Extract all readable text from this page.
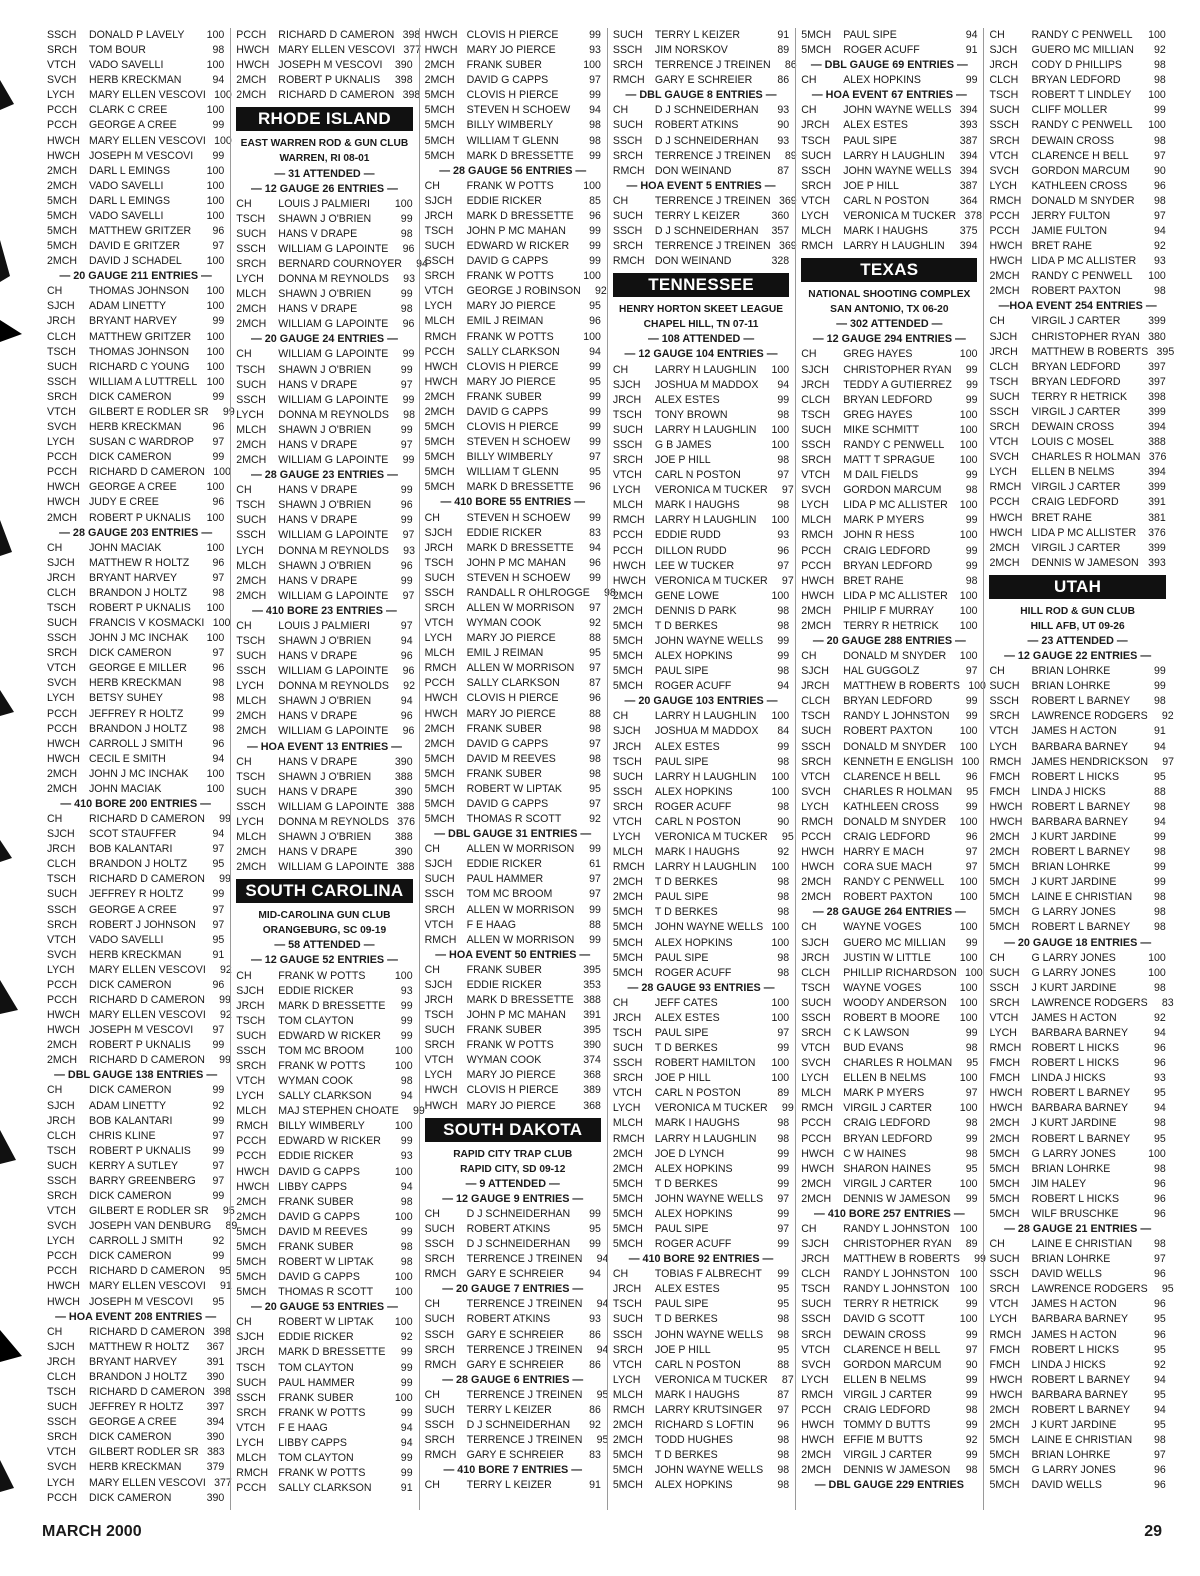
SSCH	DONALD P LAVELY	100
SRCH	TOM BOUR	98
VTCH	VADO SAVELLI	100
SVCH	HERB KRECKMAN	94
LYCH	MARY ELLEN VESCOVI 100
PCCH	CLARK C CREE	100
PCCH	GEORGE A CREE	99
HWCH MARY ELLEN VESCOVI 100
HWCH JOSEPH M VESCOVI	99
2MCH	DARL L EMINGS	100
2MCH	VADO SAVELLI	100
5MCH	DARL L EMINGS	100
5MCH	VADO SAVELLI	100
5MCH	MATTHEW GRITZER	96
5MCH	DAVID E GRITZER	97
2MCH	DAVID J SCHADEL	100
— 20 GAUGE 211 ENTRIES —
CH	THOMAS JOHNSON	100
SJCH	ADAM LINETTY	100
JRCH	BRYANT HARVEY	99
CLCH	MATTHEW GRITZER	100
TSCH	THOMAS JOHNSON	100
SUCH	RICHARD C YOUNG	100
SSCH	WILLIAM A LUTTRELL 100
SRCH	DICK CAMERON	99
VTCH	GILBERT E RODLER SR	99
SVCH	HERB KRECKMAN	96
LYCH	SUSAN C WARDROP	97
PCCH	DICK CAMERON	99
PCCH	RICHARD D CAMERON 100
HWCH GEORGE A CREE	100
HWCH JUDY E CREE	96
2MCH	ROBERT P UKNALIS	100
— 28 GAUGE 203 ENTRIES —
CH	JOHN MACIAK	100
SJCH	MATTHEW R HOLTZ	96
JRCH	BRYANT HARVEY	97
CLCH	BRANDON J HOLTZ	98
TSCH	ROBERT P UKNALIS	100
SUCH	FRANCIS V KOSMACKI 100
SSCH	JOHN J MC INCHAK	100
SRCH	DICK CAMERON	97
VTCH	GEORGE E MILLER	96
SVCH	HERB KRECKMAN	98
LYCH	BETSY SUHEY	98
PCCH	JEFFREY R HOLTZ	99
PCCH	BRANDON J HOLTZ	98
HWCH CARROLL J SMITH	96
HWCH CECIL E SMITH	94
2MCH	JOHN J MC INCHAK	100
2MCH	JOHN MACIAK	100
— 410 BORE 200 ENTRIES —
CH	RICHARD D CAMERON	99
SJCH	SCOT STAUFFER	94
JRCH	BOB KALANTARI	97
CLCH	BRANDON J HOLTZ	95
TSCH	RICHARD D CAMERON	99
SUCH	JEFFREY R HOLTZ	99
SSCH	GEORGE A CREE	97
SRCH	ROBERT J JOHNSON	97
VTCH	VADO SAVELLI	95
SVCH	HERB KRECKMAN	91
LYCH	MARY ELLEN VESCOVI	92
PCCH	DICK CAMERON	96
PCCH	RICHARD D CAMERON	99
HWCH MARY ELLEN VESCOVI	92
HWCH JOSEPH M VESCOVI	97
2MCH	ROBERT P UKNALIS	99
2MCH	RICHARD D CAMERON	99
— DBL GAUGE 138 ENTRIES —
CH	DICK CAMERON	99
SJCH	ADAM LINETTY	92
JRCH	BOB KALANTARI	99
CLCH	CHRIS KLINE	97
TSCH	ROBERT P UKNALIS	99
SUCH	KERRY A SUTLEY	97
SSCH	BARRY GREENBERG	97
SRCH	DICK CAMERON	99
VTCH	GILBERT E RODLER SR	95
SVCH	JOSEPH VAN DENBURG	89
LYCH	CARROLL J SMITH	92
PCCH	DICK CAMERON	99
PCCH	RICHARD D CAMERON	95
HWCH MARY ELLEN VESCOVI	91
HWCH JOSEPH M VESCOVI	95
— HOA EVENT 208 ENTRIES —
CH	RICHARD D CAMERON 398
SJCH	MATTHEW R HOLTZ	367
JRCH	BRYANT HARVEY	391
CLCH	BRANDON J HOLTZ	390
TSCH	RICHARD D CAMERON 398
SUCH	JEFFREY R HOLTZ	397
SSCH	GEORGE A CREE	394
SRCH	DICK CAMERON	390
VTCH	GILBERT RODLER SR 383
SVCH	HERB KRECKMAN	379
LYCH	MARY ELLEN VESCOVI 377
PCCH	DICK CAMERON	390
PCCH	RICHARD D CAMERON 398
HWCH MARY ELLEN VESCOVI 377
HWCH JOSEPH M VESCOVI	390
2MCH	ROBERT P UKNALIS	398
2MCH	RICHARD D CAMERON 398
RHODE ISLAND
EAST WARREN ROD & GUN CLUB
WARREN, RI 08-01
— 31 ATTENDED —
— 12 GAUGE 26 ENTRIES —
CH	LOUIS J PALMIERI	100
TSCH	SHAWN J O'BRIEN	99
SUCH	HANS V DRAPE	98
SSCH	WILLIAM G LAPOINTE	96
SRCH	BERNARD COURNOYER	94
LYCH	DONNA M REYNOLDS	93
MLCH	SHAWN J O'BRIEN	99
2MCH	HANS V DRAPE	98
2MCH	WILLIAM G LAPOINTE	96
— 20 GAUGE 24 ENTRIES —
CH	WILLIAM G LAPOINTE	99
TSCH	SHAWN J O'BRIEN	99
SUCH	HANS V DRAPE	97
SSCH	WILLIAM G LAPOINTE	99
LYCH	DONNA M REYNOLDS	98
MLCH	SHAWN J O'BRIEN	99
2MCH	HANS V DRAPE	97
2MCH	WILLIAM G LAPOINTE	99
— 28 GAUGE 23 ENTRIES —
CH	HANS V DRAPE	99
TSCH	SHAWN J O'BRIEN	96
SUCH	HANS V DRAPE	99
SSCH	WILLIAM G LAPOINTE	97
LYCH	DONNA M REYNOLDS	93
MLCH	SHAWN J O'BRIEN	96
2MCH	HANS V DRAPE	99
2MCH	WILLIAM G LAPOINTE	97
— 410 BORE 23 ENTRIES —
CH	LOUIS J PALMIERI	97
TSCH	SHAWN J O'BRIEN	94
SUCH	HANS V DRAPE	96
SSCH	WILLIAM G LAPOINTE	96
LYCH	DONNA M REYNOLDS	92
MLCH	SHAWN J O'BRIEN	94
2MCH	HANS V DRAPE	96
2MCH	WILLIAM G LAPOINTE	96
— HOA EVENT 13 ENTRIES —
CH	HANS V DRAPE	390
TSCH	SHAWN J O'BRIEN	388
SUCH	HANS V DRAPE	390
SSCH	WILLIAM G LAPOINTE 388
LYCH	DONNA M REYNOLDS 376
MLCH	SHAWN J O'BRIEN	388
2MCH	HANS V DRAPE	390
2MCH	WILLIAM G LAPOINTE 388
SOUTH CAROLINA
MID-CAROLINA GUN CLUB
ORANGEBURG, SC 09-19
— 58 ATTENDED —
— 12 GAUGE 52 ENTRIES —
CH	FRANK W POTTS	100
SJCH	EDDIE RICKER	93
JRCH	MARK D BRESSETTE	99
TSCH	TOM CLAYTON	99
SUCH	EDWARD W RICKER	99
SSCH	TOM MC BROOM	100
SRCH	FRANK W POTTS	100
VTCH	WYMAN COOK	98
LYCH	SALLY CLARKSON	94
MLCH	MAJ STEPHEN CHOATE	99
RMCH BILLY WIMBERLY	100
PCCH	EDWARD W RICKER	99
PCCH	EDDIE RICKER	93
HWCH DAVID G CAPPS	100
HWCH LIBBY CAPPS	94
2MCH	FRANK SUBER	98
2MCH	DAVID G CAPPS	100
5MCH	DAVID M REEVES	99
5MCH	FRANK SUBER	98
5MCH	ROBERT W LIPTAK	98
5MCH	DAVID G CAPPS	100
5MCH	THOMAS R SCOTT	100
— 20 GAUGE 53 ENTRIES —
CH	ROBERT W LIPTAK	100
SJCH	EDDIE RICKER	92
JRCH	MARK D BRESSETTE	99
TSCH	TOM CLAYTON	99
SUCH	PAUL HAMMER	99
SSCH	FRANK SUBER	100
SRCH	FRANK W POTTS	99
VTCH	F E HAAG	94
LYCH	LIBBY CAPPS	94
MLCH	TOM CLAYTON	99
RMCH FRANK W POTTS	99
PCCH	SALLY CLARKSON	91
HWCH CLOVIS H PIERCE	99
HWCH MARY JO PIERCE	93
2MCH	FRANK SUBER	100
2MCH	DAVID G CAPPS	97
5MCH	CLOVIS H PIERCE	99
5MCH	STEVEN H SCHOEW	94
5MCH	BILLY WIMBERLY	98
5MCH	WILLIAM T GLENN	98
5MCH	MARK D BRESSETTE	99
— 28 GAUGE 56 ENTRIES —
CH	FRANK W POTTS	100
SJCH	EDDIE RICKER	85
JRCH	MARK D BRESSETTE	96
TSCH	JOHN P MC MAHAN	99
SUCH	EDWARD W RICKER	99
SSCH	DAVID G CAPPS	99
SRCH	FRANK W POTTS	100
VTCH	GEORGE J ROBINSON	92
LYCH	MARY JO PIERCE	95
MLCH	EMIL J REIMAN	96
RMCH FRANK W POTTS	100
PCCH	SALLY CLARKSON	94
HWCH CLOVIS H PIERCE	99
HWCH MARY JO PIERCE	95
2MCH	FRANK SUBER	99
2MCH	DAVID G CAPPS	99
5MCH	CLOVIS H PIERCE	99
5MCH	STEVEN H SCHOEW	99
5MCH	BILLY WIMBERLY	97
5MCH	WILLIAM T GLENN	95
5MCH	MARK D BRESSETTE	96
— 410 BORE 55 ENTRIES —
CH	STEVEN H SCHOEW	99
SJCH	EDDIE RICKER	83
JRCH	MARK D BRESSETTE	94
TSCH	JOHN P MC MAHAN	96
SUCH	STEVEN H SCHOEW	99
SSCH	RANDALL R OHLROGGE	98
SRCH	ALLEN W MORRISON	97
VTCH	WYMAN COOK	92
LYCH	MARY JO PIERCE	88
MLCH	EMIL J REIMAN	95
RMCH ALLEN W MORRISON	97
PCCH	SALLY CLARKSON	87
HWCH CLOVIS H PIERCE	96
HWCH MARY JO PIERCE	88
2MCH	FRANK SUBER	98
2MCH	DAVID G CAPPS	97
5MCH	DAVID M REEVES	98
5MCH	FRANK SUBER	98
5MCH	ROBERT W LIPTAK	95
5MCH	DAVID G CAPPS	97
5MCH	THOMAS R SCOTT	92
— DBL GAUGE 31 ENTRIES —
CH	ALLEN W MORRISON	99
SJCH	EDDIE RICKER	61
SUCH	PAUL HAMMER	97
SSCH	TOM MC BROOM	97
SRCH	ALLEN W MORRISON	99
VTCH	F E HAAG	88
RMCH ALLEN W MORRISON	99
— HOA EVENT 50 ENTRIES —
CH	FRANK SUBER	395
SJCH	EDDIE RICKER	353
JRCH	MARK D BRESSETTE 388
TSCH	JOHN P MC MAHAN	391
SUCH	FRANK SUBER	395
SRCH	FRANK W POTTS	390
VTCH	WYMAN COOK	374
LYCH	MARY JO PIERCE	368
HWCH CLOVIS H PIERCE	389
HWCH MARY JO PIERCE	368
SOUTH DAKOTA
RAPID CITY TRAP CLUB
RAPID CITY, SD 09-12
— 9 ATTENDED —
— 12 GAUGE 9 ENTRIES —
CH	D J SCHNEIDERHAN	99
SUCH	ROBERT ATKINS	95
SSCH	D J SCHNEIDERHAN	99
SRCH	TERRENCE J TREINEN	94
RMCH GARY E SCHREIER	94
— 20 GAUGE 7 ENTRIES —
CH	TERRENCE J TREINEN	94
SUCH	ROBERT ATKINS	93
SSCH	GARY E SCHREIER	86
SRCH	TERRENCE J TREINEN	94
RMCH GARY E SCHREIER	86
— 28 GAUGE 6 ENTRIES —
CH	TERRENCE J TREINEN	95
SUCH	TERRY L KEIZER	86
SSCH	D J SCHNEIDERHAN	92
SRCH	TERRENCE J TREINEN	95
RMCH GARY E SCHREIER	83
— 410 BORE 7 ENTRIES —
CH	TERRY L KEIZER	91
SUCH	TERRY L KEIZER	91
SSCH	JIM NORSKOV	89
SRCH	TERRENCE J TREINEN	86
RMCH GARY E SCHREIER	86
— DBL GAUGE 8 ENTRIES —
CH	D J SCHNEIDERHAN	93
SUCH	ROBERT ATKINS	90
SSCH	D J SCHNEIDERHAN	93
SRCH	TERRENCE J TREINEN	89
RMCH DON WEINAND	87
— HOA EVENT 5 ENTRIES —
CH	TERRENCE J TREINEN 369
SUCH	TERRY L KEIZER	360
SSCH	D J SCHNEIDERHAN	357
SRCH	TERRENCE J TREINEN 369
RMCH DON WEINAND	328
TENNESSEE
HENRY HORTON SKEET LEAGUE
CHAPEL HILL, TN 07-11
— 108 ATTENDED —
— 12 GAUGE 104 ENTRIES —
CH	LARRY H LAUGHLIN	100
SJCH	JOSHUA M MADDOX	94
JRCH	ALEX ESTES	99
TSCH	TONY BROWN	98
SUCH	LARRY H LAUGHLIN	100
SSCH	G B JAMES	100
SRCH	JOE P HILL	98
VTCH	CARL N POSTON	97
LYCH	VERONICA M TUCKER	97
MLCH	MARK I HAUGHS	98
RMCH LARRY H LAUGHLIN	100
PCCH	EDDIE RUDD	93
PCCH	DILLON RUDD	96
HWCH LEE W TUCKER	97
HWCH VERONICA M TUCKER	97
2MCH	GENE LOWE	100
2MCH	DENNIS D PARK	98
5MCH	T D BERKES	98
5MCH	JOHN WAYNE WELLS	99
5MCH	ALEX HOPKINS	99
5MCH	PAUL SIPE	98
5MCH	ROGER ACUFF	94
— 20 GAUGE 103 ENTRIES —
CH	LARRY H LAUGHLIN	100
SJCH	JOSHUA M MADDOX	84
JRCH	ALEX ESTES	99
TSCH	PAUL SIPE	98
SUCH	LARRY H LAUGHLIN	100
SSCH	ALEX HOPKINS	100
SRCH	ROGER ACUFF	98
VTCH	CARL N POSTON	90
LYCH	VERONICA M TUCKER	95
MLCH	MARK I HAUGHS	92
RMCH LARRY H LAUGHLIN	100
2MCH	T D BERKES	98
2MCH	PAUL SIPE	98
5MCH	T D BERKES	98
5MCH	JOHN WAYNE WELLS 100
5MCH	ALEX HOPKINS	100
5MCH	PAUL SIPE	98
5MCH	ROGER ACUFF	98
— 28 GAUGE 93 ENTRIES —
CH	JEFF CATES	100
JRCH	ALEX ESTES	100
TSCH	PAUL SIPE	97
SUCH	T D BERKES	99
SSCH	ROBERT HAMILTON	100
SRCH	JOE P HILL	100
VTCH	CARL N POSTON	89
LYCH	VERONICA M TUCKER	99
MLCH	MARK I HAUGHS	98
RMCH LARRY H LAUGHLIN	98
2MCH	JOE D LYNCH	99
2MCH	ALEX HOPKINS	99
5MCH	T D BERKES	99
5MCH	JOHN WAYNE WELLS	97
5MCH	ALEX HOPKINS	99
5MCH	PAUL SIPE	97
5MCH	ROGER ACUFF	99
— 410 BORE 92 ENTRIES —
CH	TOBIAS F ALBRECHT	99
JRCH	ALEX ESTES	95
TSCH	PAUL SIPE	95
SUCH	T D BERKES	98
SSCH	JOHN WAYNE WELLS	98
SRCH	JOE P HILL	95
VTCH	CARL N POSTON	88
LYCH	VERONICA M TUCKER	87
MLCH	MARK I HAUGHS	87
RMCH LARRY KRUTSINGER	97
2MCH	RICHARD S LOFTIN	96
2MCH	TODD HUGHES	98
5MCH	T D BERKES	98
5MCH	JOHN WAYNE WELLS	98
5MCH	ALEX HOPKINS	98
5MCH	PAUL SIPE	94
5MCH	ROGER ACUFF	91
— DBL GAUGE 69 ENTRIES —
CH	ALEX HOPKINS	99
— HOA EVENT 67 ENTRIES —
CH	JOHN WAYNE WELLS 394
JRCH	ALEX ESTES	393
TSCH	PAUL SIPE	387
SUCH	LARRY H LAUGHLIN	394
SSCH	JOHN WAYNE WELLS 394
SRCH	JOE P HILL	387
VTCH	CARL N POSTON	364
LYCH	VERONICA M TUCKER 378
MLCH	MARK I HAUGHS	375
RMCH LARRY H LAUGHLIN	394
TEXAS
NATIONAL SHOOTING COMPLEX
SAN ANTONIO, TX 06-20
— 302 ATTENDED —
— 12 GAUGE 294 ENTRIES —
CH	GREG HAYES	100
SJCH	CHRISTOPHER RYAN	99
JRCH	TEDDY A GUTIERREZ	99
CLCH	BRYAN LEDFORD	99
TSCH	GREG HAYES	100
SUCH	MIKE SCHMITT	100
SSCH	RANDY C PENWELL	100
SRCH	MATT T SPRAGUE	100
VTCH	M DAIL FIELDS	99
SVCH	GORDON MARCUM	98
LYCH	LIDA P MC ALLISTER	100
MLCH	MARK P MYERS	99
RMCH JOHN R HESS	100
PCCH	CRAIG LEDFORD	99
PCCH	BRYAN LEDFORD	99
HWCH BRET RAHE	98
HWCH LIDA P MC ALLISTER	100
2MCH	PHILIP F MURRAY	100
2MCH	TERRY R HETRICK	100
— 20 GAUGE 288 ENTRIES —
CH	DONALD M SNYDER	100
SJCH	HAL GUGGOLZ	97
JRCH	MATTHEW B ROBERTS 100
CLCH	BRYAN LEDFORD	99
TSCH	RANDY L JOHNSTON	99
SUCH	ROBERT PAXTON	100
SSCH	DONALD M SNYDER	100
SRCH	KENNETH E ENGLISH 100
VTCH	CLARENCE H BELL	96
SVCH	CHARLES R HOLMAN	95
LYCH	KATHLEEN CROSS	99
RMCH DONALD M SNYDER	100
PCCH	CRAIG LEDFORD	96
HWCH HARRY E MACH	97
HWCH CORA SUE MACH	97
2MCH	RANDY C PENWELL	100
2MCH	ROBERT PAXTON	100
— 28 GAUGE 264 ENTRIES —
CH	WAYNE VOGES	100
SJCH	GUERO MC MILLIAN	99
JRCH	JUSTIN W LITTLE	100
CLCH	PHILLIP RICHARDSON 100
TSCH	WAYNE VOGES	100
SUCH	WOODY ANDERSON	100
SSCH	ROBERT B MOORE	100
SRCH	C K LAWSON	99
VTCH	BUD EVANS	98
SVCH	CHARLES R HOLMAN	95
LYCH	ELLEN B NELMS	100
MLCH	MARK P MYERS	97
RMCH VIRGIL J CARTER	100
PCCH	CRAIG LEDFORD	98
PCCH	BRYAN LEDFORD	99
HWCH C W HAINES	98
HWCH SHARON HAINES	95
2MCH	VIRGIL J CARTER	100
2MCH	DENNIS W JAMESON	99
— 410 BORE 257 ENTRIES —
CH	RANDY L JOHNSTON 100
SJCH	CHRISTOPHER RYAN	89
JRCH	MATTHEW B ROBERTS	99
CLCH	RANDY L JOHNSTON 100
TSCH	RANDY L JOHNSTON 100
SUCH	TERRY R HETRICK	99
SSCH	DAVID G SCOTT	100
SRCH	DEWAIN CROSS	99
VTCH	CLARENCE H BELL	97
SVCH	GORDON MARCUM	90
LYCH	ELLEN B NELMS	99
RMCH VIRGIL J CARTER	99
PCCH	CRAIG LEDFORD	98
HWCH TOMMY D BUTTS	99
HWCH EFFIE M BUTTS	92
2MCH	VIRGIL J CARTER	99
2MCH	DENNIS W JAMESON	98
— DBL GAUGE 229 ENTRIES
CH	RANDY C PENWELL	100
SJCH	GUERO MC MILLIAN	92
JRCH	CODY D PHILLIPS	98
CLCH	BRYAN LEDFORD	98
TSCH	ROBERT T LINDLEY	100
SUCH	CLIFF MOLLER	99
SSCH	RANDY C PENWELL	100
SRCH	DEWAIN CROSS	98
VTCH	CLARENCE H BELL	97
SVCH	GORDON MARCUM	90
LYCH	KATHLEEN CROSS	96
RMCH DONALD M SNYDER	98
PCCH	JERRY FULTON	97
PCCH	JAMIE FULTON	94
HWCH BRET RAHE	92
HWCH LIDA P MC ALLISTER	93
2MCH	RANDY C PENWELL	100
2MCH	ROBERT PAXTON	98
—HOA EVENT 254 ENTRIES —
CH	VIRGIL J CARTER	399
SJCH	CHRISTOPHER RYAN 380
JRCH	MATTHEW B ROBERTS 395
CLCH	BRYAN LEDFORD	397
TSCH	BRYAN LEDFORD	397
SUCH	TERRY R HETRICK	398
SSCH	VIRGIL J CARTER	399
SRCH	DEWAIN CROSS	394
VTCH	LOUIS C MOSEL	388
SVCH	CHARLES R HOLMAN 376
LYCH	ELLEN B NELMS	394
RMCH VIRGIL J CARTER	399
PCCH	CRAIG LEDFORD	391
HWCH BRET RAHE	381
HWCH LIDA P MC ALLISTER	376
2MCH	VIRGIL J CARTER	399
2MCH	DENNIS W JAMESON 393
UTAH
HILL ROD & GUN CLUB
HILL AFB, UT 09-26
— 23 ATTENDED —
— 12 GAUGE 22 ENTRIES —
CH	BRIAN LOHRKE	99
SUCH	BRIAN LOHRKE	99
SSCH	ROBERT L BARNEY	98
SRCH	LAWRENCE RODGERS	92
VTCH	JAMES H ACTON	91
LYCH	BARBARA BARNEY	94
RMCH JAMES HENDRICKSON	97
FMCH	ROBERT L HICKS	95
FMCH	LINDA J HICKS	88
HWCH ROBERT L BARNEY	98
HWCH BARBARA BARNEY	94
2MCH	J KURT JARDINE	99
2MCH	ROBERT L BARNEY	98
5MCH	BRIAN LOHRKE	99
5MCH	J KURT JARDINE	99
5MCH	LAINE E CHRISTIAN	98
5MCH	G LARRY JONES	98
5MCH	ROBERT L BARNEY	98
— 20 GAUGE 18 ENTRIES —
CH	G LARRY JONES	100
SUCH	G LARRY JONES	100
SSCH	J KURT JARDINE	98
SRCH	LAWRENCE RODGERS	83
VTCH	JAMES H ACTON	92
LYCH	BARBARA BARNEY	94
RMCH ROBERT L HICKS	96
FMCH	ROBERT L HICKS	96
FMCH	LINDA J HICKS	93
HWCH ROBERT L BARNEY	95
HWCH BARBARA BARNEY	94
2MCH	J KURT JARDINE	98
2MCH	ROBERT L BARNEY	95
5MCH	G LARRY JONES	100
5MCH	BRIAN LOHRKE	98
5MCH	JIM HALEY	96
5MCH	ROBERT L HICKS	96
5MCH	WILF BRUSCHKE	96
— 28 GAUGE 21 ENTRIES —
CH	LAINE E CHRISTIAN	98
SUCH	BRIAN LOHRKE	97
SSCH	DAVID WELLS	96
SRCH	LAWRENCE RODGERS	95
VTCH	JAMES H ACTON	96
LYCH	BARBARA BARNEY	95
RMCH JAMES H ACTON	96
FMCH	ROBERT L HICKS	95
FMCH	LINDA J HICKS	92
HWCH ROBERT L BARNEY	94
HWCH BARBARA BARNEY	95
2MCH	ROBERT L BARNEY	94
2MCH	J KURT JARDINE	95
5MCH	LAINE E CHRISTIAN	98
5MCH	BRIAN LOHRKE	97
5MCH	G LARRY JONES	96
5MCH	DAVID WELLS	96
MARCH 2000	29
